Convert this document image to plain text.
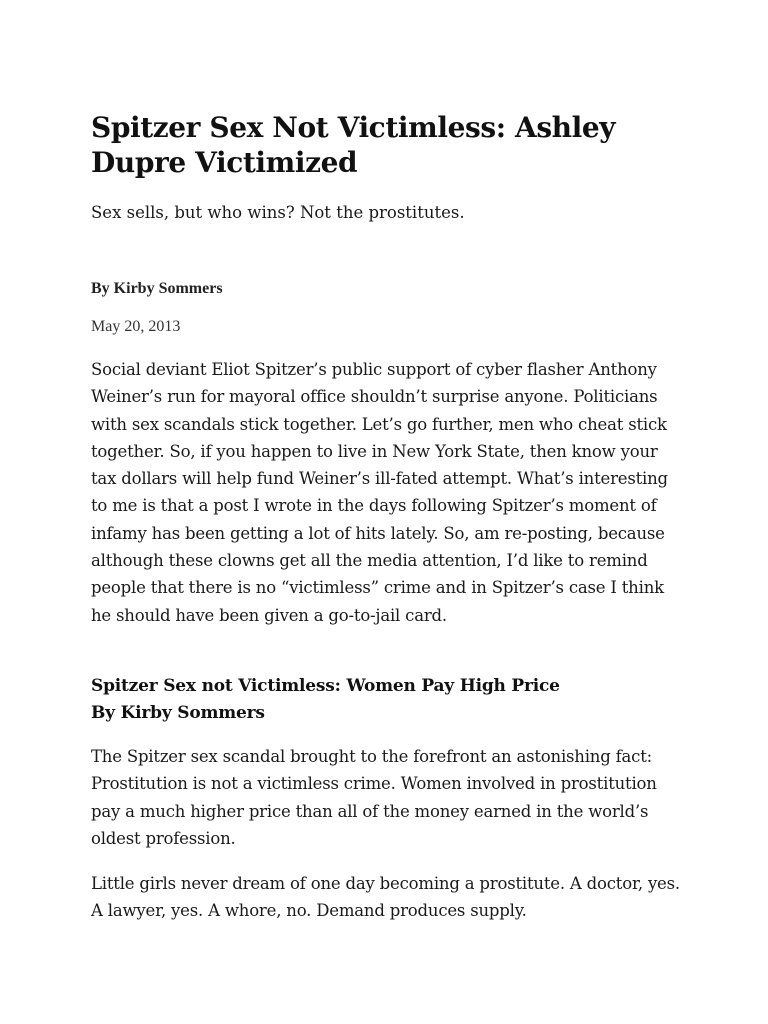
Spitzer Sex Not Victimless: Ashley Dupre Victimized

Sex sells, but who wins? Not the prostitutes.

By Kirby Sommers

May 20, 2013

Social deviant Eliot Spitzer’s public support of cyber flasher Anthony Weiner’s run for mayoral office shouldn’t surprise anyone. Politicians with sex scandals stick together. Let’s go further, men who cheat stick together. So, if you happen to live in New York State, then know your tax dollars will help fund Weiner’s ill-fated attempt. What’s interesting to me is that a post I wrote in the days following Spitzer’s moment of infamy has been getting a lot of hits lately. So, am re-posting, because although these clowns get all the media attention, I’d like to remind people that there is no “victimless” crime and in Spitzer’s case I think he should have been given a go-to-jail card.

Spitzer Sex not Victimless: Women Pay High Price
By Kirby Sommers

The Spitzer sex scandal brought to the forefront an astonishing fact: Prostitution is not a victimless crime. Women involved in prostitution pay a much higher price than all of the money earned in the world’s oldest profession.

Little girls never dream of one day becoming a prostitute. A doctor, yes. A lawyer, yes. A whore, no. Demand produces supply.
